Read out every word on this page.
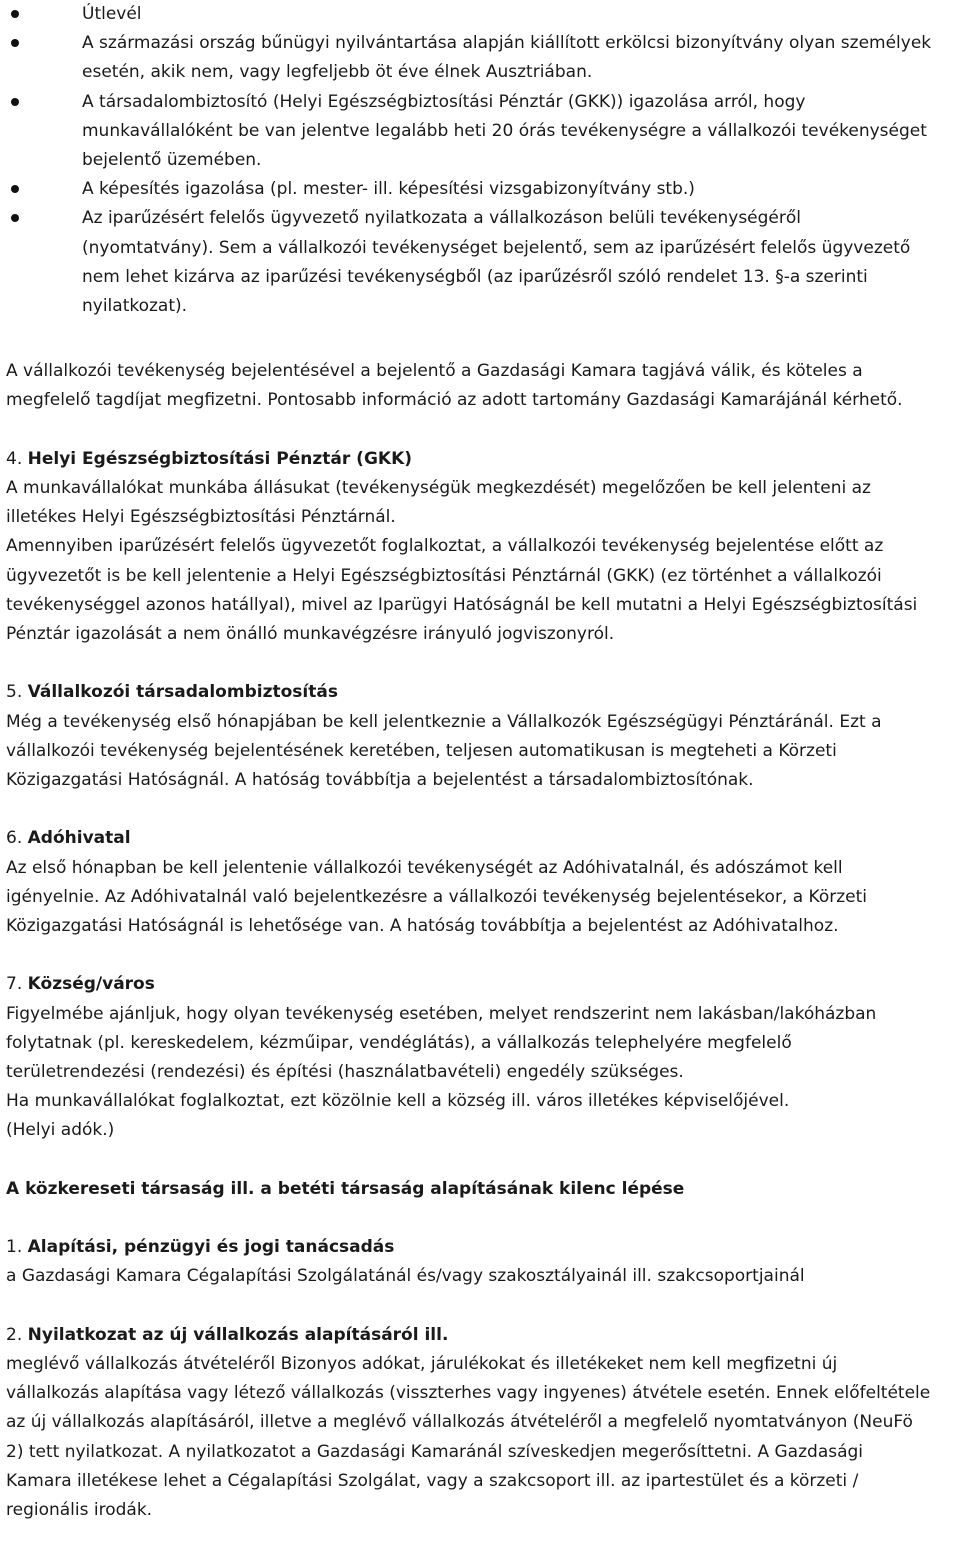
Útlevél
A származási ország bűnügyi nyilvántartása alapján kiállított erkölcsi bizonyítvány olyan személyek esetén, akik nem, vagy legfeljebb öt éve élnek Ausztriában.
A társadalombiztosító (Helyi Egészségbiztosítási Pénztár (GKK)) igazolása arról, hogy munkavállalóként be van jelentve legalább heti 20 órás tevékenységre a vállalkozói tevékenységet bejelentő üzemében.
A képesítés igazolása (pl. mester- ill. képesítési vizsgabizonyítvány stb.)
Az iparűzésért felelős ügyvezető nyilatkozata a vállalkozáson belüli tevékenységéről (nyomtatvány). Sem a vállalkozói tevékenységet bejelentő, sem az iparűzésért felelős ügyvezető nem lehet kizárva az iparűzési tevékenységből (az iparűzésről szóló rendelet 13. §-a szerinti nyilatkozat).

A vállalkozói tevékenység bejelentésével a bejelentő a Gazdasági Kamara tagjává válik, és köteles a megfelelő tagdíjat megfizetni. Pontosabb információ az adott tartomány Gazdasági Kamarájánál kérhető.

4. Helyi Egészségbiztosítási Pénztár (GKK)

A munkavállalókat munkába állásukat (tevékenységük megkezdését) megelőzően be kell jelenteni az illetékes Helyi Egészségbiztosítási Pénztárnál.

Amennyiben iparűzésért felelős ügyvezetőt foglalkoztat, a vállalkozói tevékenység bejelentése előtt az ügyvezetőt is be kell jelentenie a Helyi Egészségbiztosítási Pénztárnál (GKK) (ez történhet a vállalkozói tevékenységgel azonos hatállyal), mivel az Iparügyi Hatóságnál be kell mutatni a Helyi Egészségbiztosítási Pénztár igazolását a nem önálló munkavégzésre irányuló jogviszonyról.

5. Vállalkozói társadalombiztosítás

Még a tevékenység első hónapjában be kell jelentkeznie a Vállalkozók Egészségügyi Pénztáránál. Ezt a vállalkozói tevékenység bejelentésének keretében, teljesen automatikusan is megteheti a Körzeti Közigazgatási Hatóságnál. A hatóság továbbítja a bejelentést a társadalombiztosítónak.

6. Adóhivatal

Az első hónapban be kell jelentenie vállalkozói tevékenységét az Adóhivatalnál, és adószámot kell igényelnie. Az Adóhivatalnál való bejelentkezésre a vállalkozói tevékenység bejelentésekor, a Körzeti Közigazgatási Hatóságnál is lehetősége van. A hatóság továbbítja a bejelentést az Adóhivatalhoz.

7. Község/város

Figyelmébe ajánljuk, hogy olyan tevékenység esetében, melyet rendszerint nem lakásban/lakóházban folytatnak (pl. kereskedelem, kézműipar, vendéglátás), a vállalkozás telephelyére megfelelő területrendezési (rendezési) és építési (használatbavételi) engedély szükséges.

Ha munkavállalókat foglalkoztat, ezt közölnie kell a község ill. város illetékes képviselőjével.

(Helyi adók.)

A közkereseti társaság ill. a betéti társaság alapításának kilenc lépése

1. Alapítási, pénzügyi és jogi tanácsadás

a Gazdasági Kamara Cégalapítási Szolgálatánál és/vagy szakosztályainál ill. szakcsoportjainál

2. Nyilatkozat az új vállalkozás alapításáról ill.

meglévő vállalkozás átvételéről Bizonyos adókat, járulékokat és illetékeket nem kell megfizetni új vállalkozás alapítása vagy létező vállalkozás (visszterhes vagy ingyenes) átvétele esetén. Ennek előfeltétele az új vállalkozás alapításáról, illetve a meglévő vállalkozás átvételéről a megfelelő nyomtatványon (NeuFö 2) tett nyilatkozat. A nyilatkozatot a Gazdasági Kamaránál szíveskedjen megerősíttetni. A Gazdasági Kamara illetékese lehet a Cégalapítási Szolgálat, vagy a szakcsoport ill. az ipartestület és a körzeti / regionális irodák.
